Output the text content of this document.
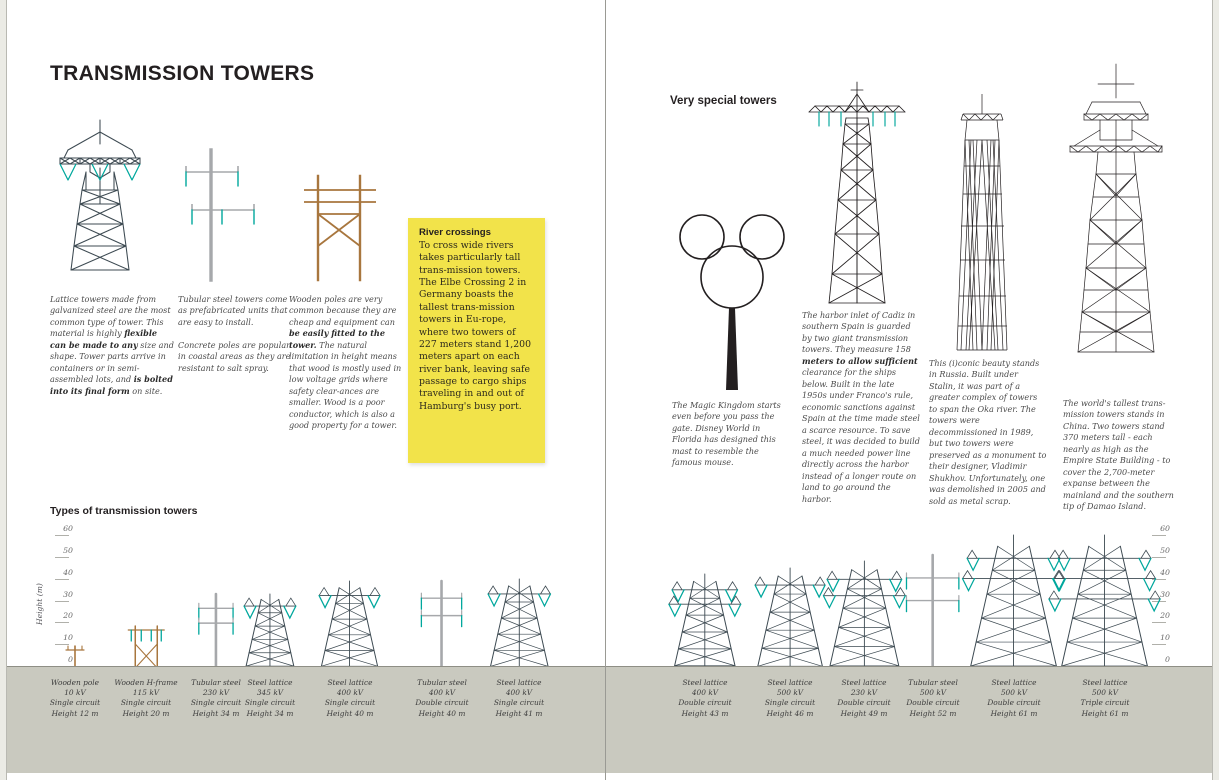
TRANSMISSION TOWERS
Lattice towers made from galvanized steel are the most common type of tower. This material is highly flexible can be made to any size and shape. Tower parts arrive in containers or in semi-assembled lots, and is bolted into its final form on site.
Tubular steel towers come as prefabricated units that are easy to install.

Concrete poles are popular in coastal areas as they are resistant to salt spray.
Wooden poles are very common because they are cheap and equipment can be easily fitted to the tower. The natural limitation in height means that wood is mostly used in low voltage grids where safety clear-ances are smaller. Wood is a poor conductor, which is also a good property for a tower.
River crossings

To cross wide rivers takes particularly tall trans-mission towers. The Elbe Crossing 2 in Germany boasts the tallest trans-mission towers in Eu-rope, where two towers of 227 meters stand 1,200 meters apart on each river bank, leaving safe passage to cargo ships traveling in and out of Hamburg's busy port.

Very special towers
The Magic Kingdom starts even before you pass the gate. Disney World in Florida has designed this mast to resemble the famous mouse.
The harbor inlet of Cadiz in southern Spain is guarded by two giant transmission towers. They measure 158 meters to allow sufficient clearance for the ships below. Built in the late 1950s under Franco's rule, economic sanctions against Spain at the time made steel a scarce resource. To save steel, it was decided to build a much needed power line directly across the harbor instead of a longer route on land to go around the harbor.
This (i)conic beauty stands in Russia. Built under Stalin, it was part of a greater complex of towers to span the Oka river. The towers were decommissioned in 1989, but two towers were preserved as a monument to their designer, Vladimir Shukhov. Unfortunately, one was demolished in 2005 and sold as metal scrap.
The world's tallest trans-mission towers stands in China. Two towers stand 370 meters tall - each nearly as high as the Empire State Building - to cover the 2,700-meter expanse between the mainland and the southern tip of Damao Island.
Types of transmission towers
Height (m)
60
50
40
30
20
10
0
60
50
40
30
20
10
0
Wooden pole
10 kV
Single circuit
Height 12 m
Wooden H-frame
115 kV
Single circuit
Height 20 m
Tubular steel
230 kV
Single circuit
Height 34 m
Steel lattice
345 kV
Single circuit
Height 34 m
Steel lattice
400 kV
Single circuit
Height 40 m
Tubular steel
400 kV
Double circuit
Height 40 m
Steel lattice
400 kV
Single circuit
Height 41 m
Steel lattice
400 kV
Double circuit
Height 43 m
Steel lattice
500 kV
Single circuit
Height 46 m
Steel lattice
230 kV
Double circuit
Height 49 m
Tubular steel
500 kV
Double circuit
Height 52 m
Steel lattice
500 kV
Double circuit
Height 61 m
Steel lattice
500 kV
Triple circuit
Height 61 m
